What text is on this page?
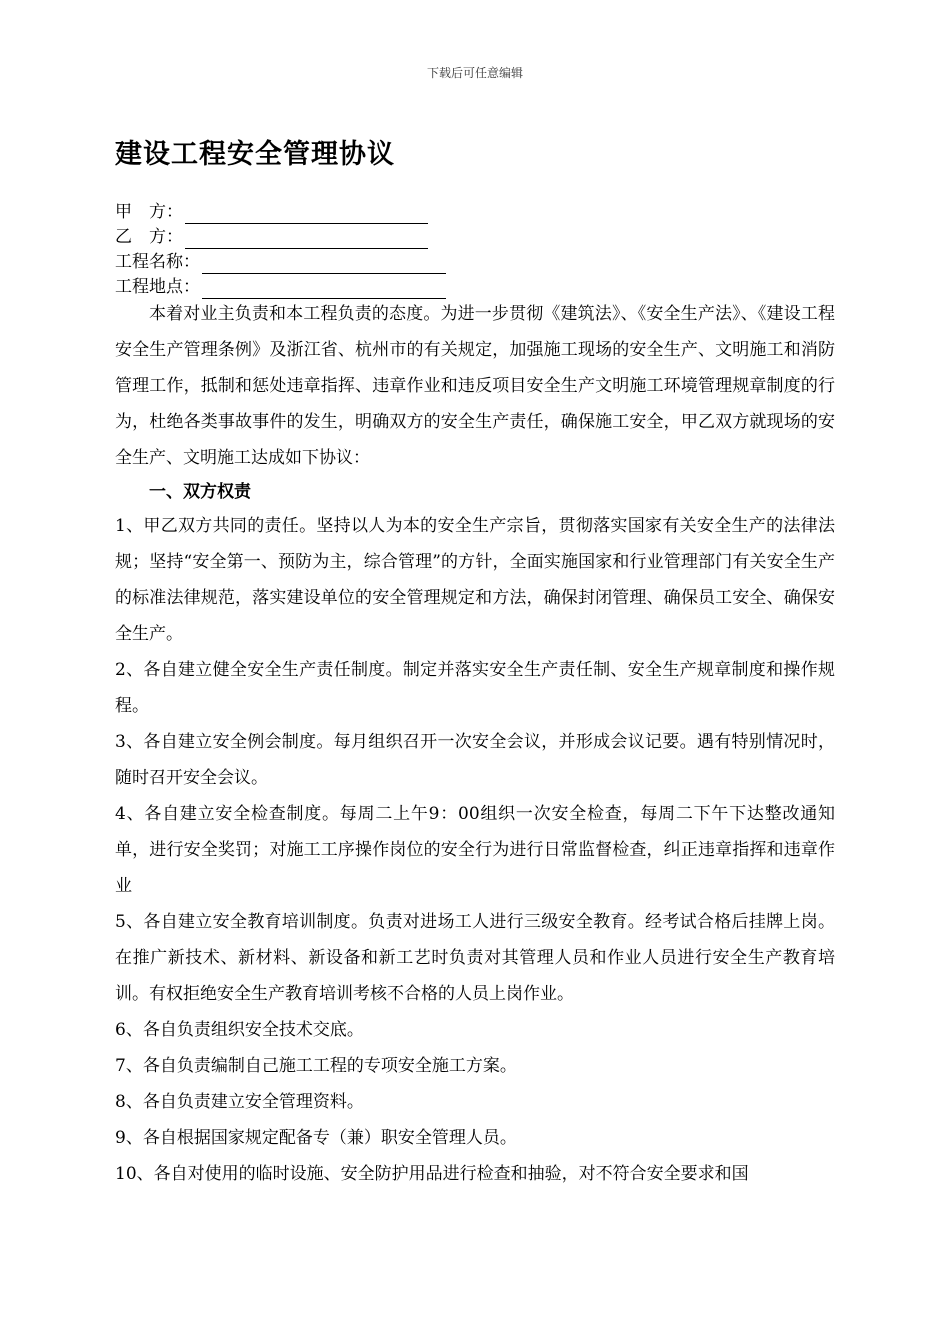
下载后可任意编辑
建设工程安全管理协议
甲　方：
乙　方：
工程名称：
工程地点：

本着对业主负责和本工程负责的态度。为进一步贯彻《建筑法》、《安全生产法》、《建设工程安全生产管理条例》及浙江省、杭州市的有关规定，加强施工现场的安全生产、文明施工和消防管理工作，抵制和惩处违章指挥、违章作业和违反项目安全生产文明施工环境管理规章制度的行为，杜绝各类事故事件的发生，明确双方的安全生产责任，确保施工安全，甲乙双方就现场的安全生产、文明施工达成如下协议：

一、双方权责

1、甲乙双方共同的责任。坚持以人为本的安全生产宗旨，贯彻落实国家有关安全生产的法律法规；坚持“安全第一、预防为主，综合管理”的方针，全面实施国家和行业管理部门有关安全生产的标准法律规范，落实建设单位的安全管理规定和方法，确保封闭管理、确保员工安全、确保安全生产。

2、各自建立健全安全生产责任制度。制定并落实安全生产责任制、安全生产规章制度和操作规程。

3、各自建立安全例会制度。每月组织召开一次安全会议，并形成会议记要。遇有特别情况时，随时召开安全会议。

4、各自建立安全检查制度。每周二上午9：00组织一次安全检查，每周二下午下达整改通知单，进行安全奖罚；对施工工序操作岗位的安全行为进行日常监督检查，纠正违章指挥和违章作业

5、各自建立安全教育培训制度。负责对进场工人进行三级安全教育。经考试合格后挂牌上岗。在推广新技术、新材料、新设备和新工艺时负责对其管理人员和作业人员进行安全生产教育培训。有权拒绝安全生产教育培训考核不合格的人员上岗作业。

6、各自负责组织安全技术交底。

7、各自负责编制自己施工工程的专项安全施工方案。

8、各自负责建立安全管理资料。

9、各自根据国家规定配备专（兼）职安全管理人员。

10、各自对使用的临时设施、安全防护用品进行检查和抽验，对不符合安全要求和国
